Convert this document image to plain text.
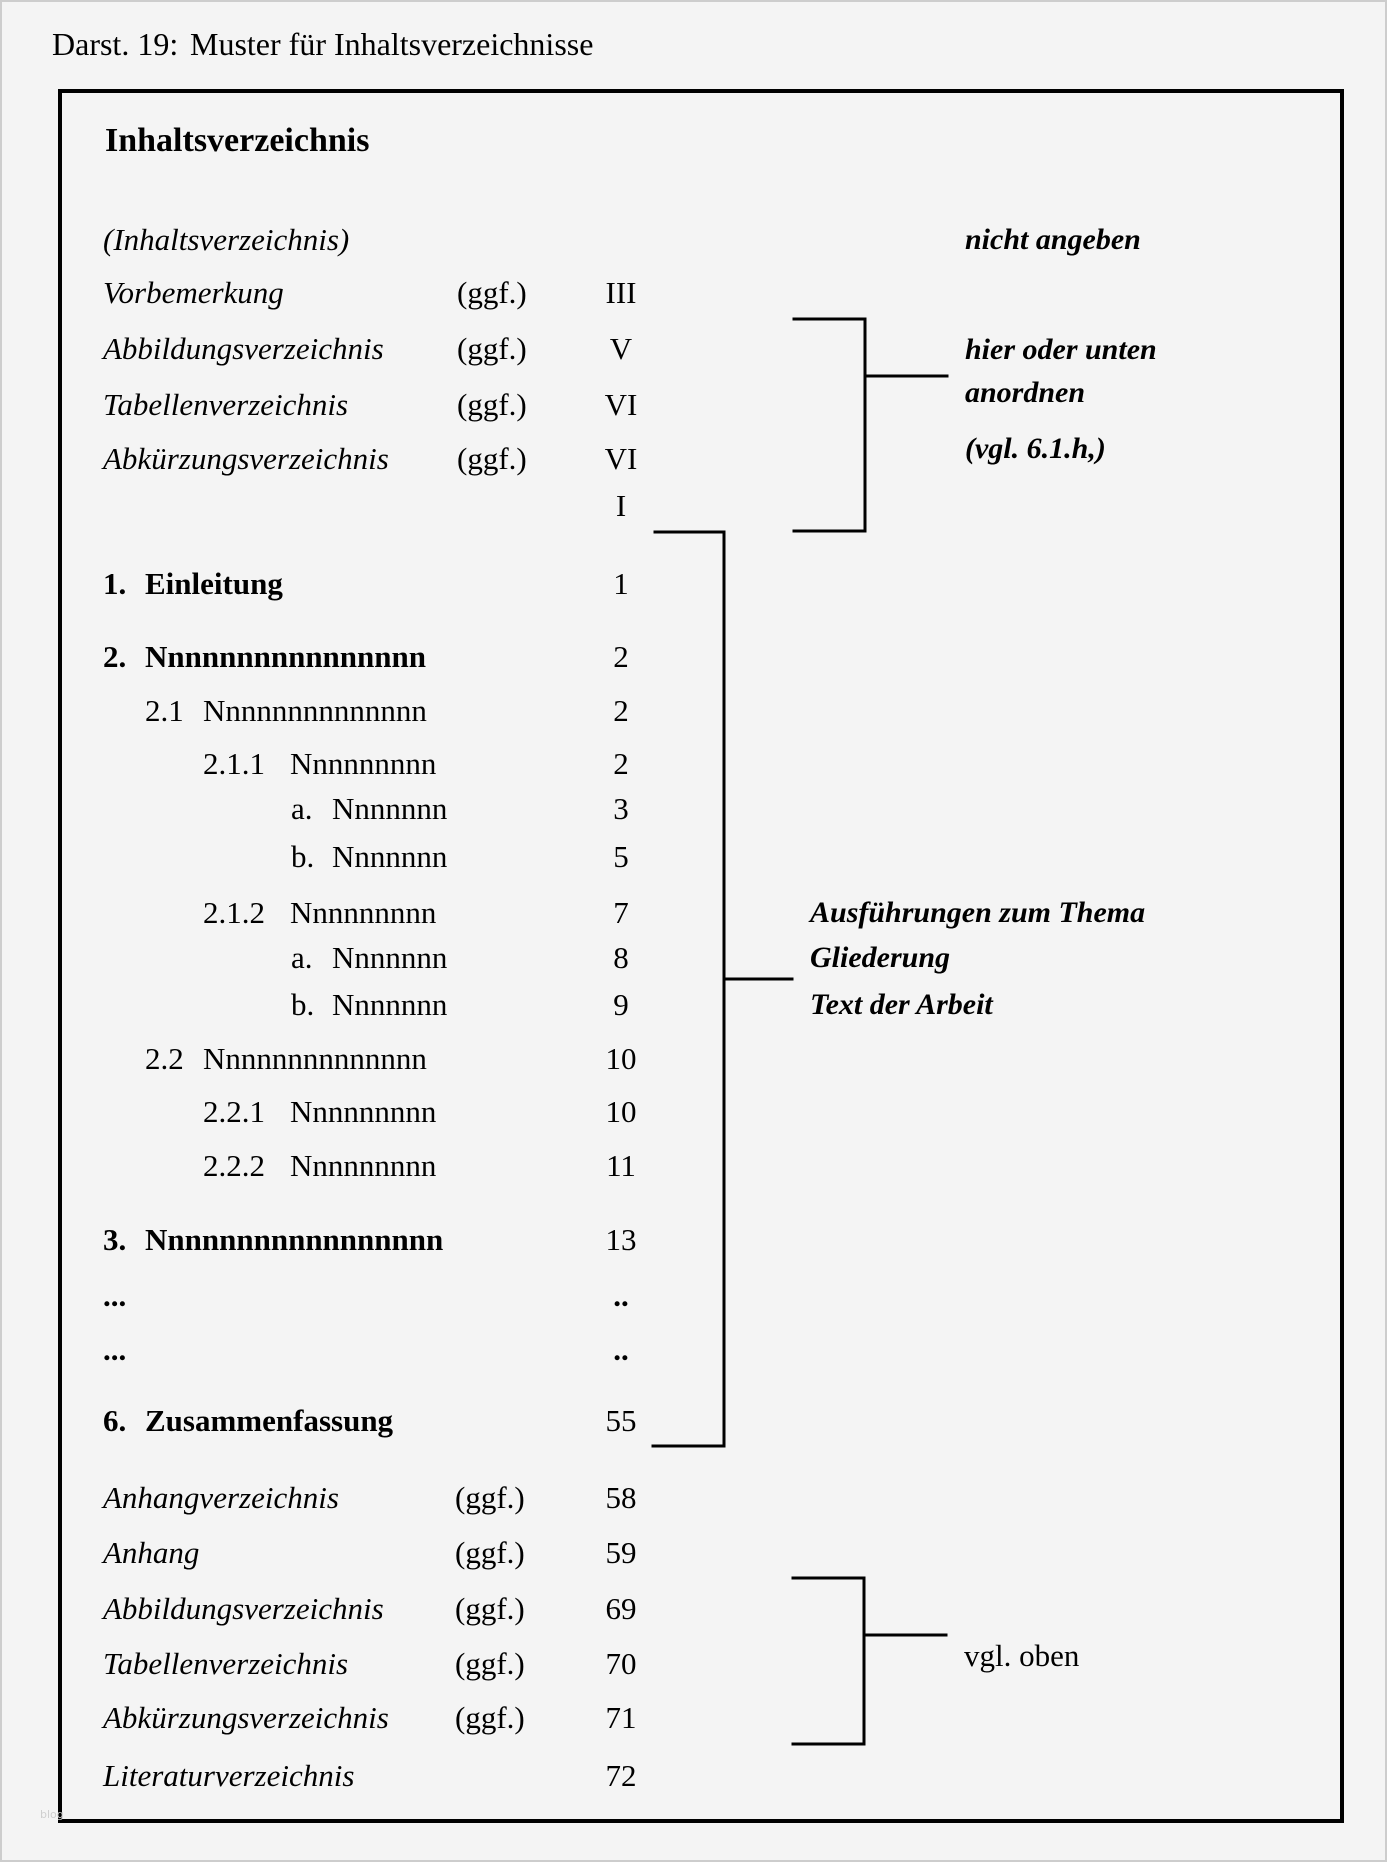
Darst. 19: Muster für Inhaltsverzeichnisse
Inhaltsverzeichnis
(Inhaltsverzeichnis)
Vorbemerkung	(ggf.)	III
Abbildungsverzeichnis (ggf.)	V
Tabellenverzeichnis	(ggf.)	VI
Abkürzungsverzeichnis (ggf.)	VI
I
1. Einleitung	1
2. Nnnnnnnnnnnnnnnn	2
2.1 Nnnnnnnnnnnnnn	2
2.1.1 Nnnnnnnnn	2
a. Nnnnnnn	3
b. Nnnnnnn	5
2.1.2 Nnnnnnnnn	7
a. Nnnnnnn	8
b. Nnnnnnn	9
2.2 Nnnnnnnnnnnnnn	10
2.2.1 Nnnnnnnnn	10
2.2.2 Nnnnnnnnn	11
3. Nnnnnnnnnnnnnnnnn	13
...	..
...	..
6. Zusammenfassung	55
Anhangverzeichnis	(ggf.)	58
Anhang	(ggf.)	59
Abbildungsverzeichnis (ggf.)	69
Tabellenverzeichnis	(ggf.)	70
Abkürzungsverzeichnis (ggf.)	71
Literaturverzeichnis	72
nicht angeben
hier oder unten
anordnen
(vgl. 6.1.h,)
Ausführungen zum Thema
Gliederung
Text der Arbeit
vgl. oben
blog
